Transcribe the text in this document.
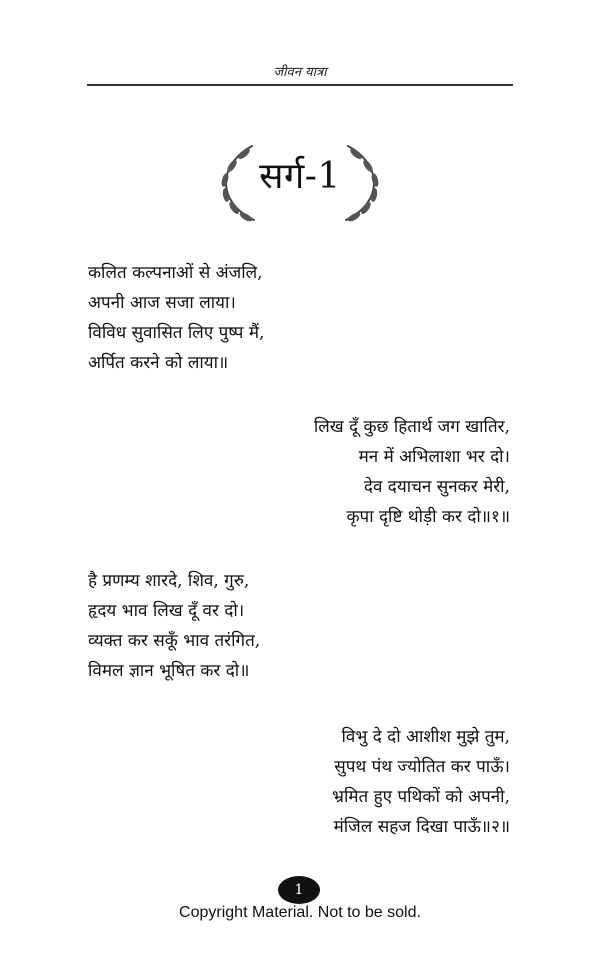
जीवन यात्रा
सर्ग-1
कलित कल्पनाओं से अंजलि,
अपनी आज सजा लाया।
विविध सुवासित लिए पुष्प मैं,
अर्पित करने को लाया॥
लिख दूँ कुछ हितार्थ जग खातिर,
मन में अभिलाशा भर दो।
देव दयाचन सुनकर मेरी,
कृपा दृष्टि थोड़ी कर दो॥१॥
है प्रणम्य शारदे, शिव, गुरु,
हृदय भाव लिख दूँ वर दो।
व्यक्त कर सकूँ भाव तरंगित,
विमल ज्ञान भूषित कर दो॥
विभु दे दो आशीश मुझे तुम,
सुपथ पंथ ज्योतित कर पाऊँ।
भ्रमित हुए पथिकों को अपनी,
मंजिल सहज दिखा पाऊँ॥२॥
1
Copyright Material. Not to be sold.
